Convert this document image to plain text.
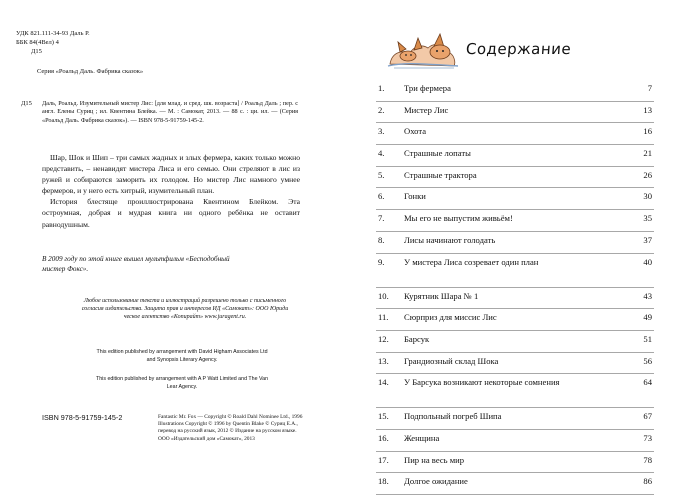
УДК 821.111-34-93 Даль Р.
ББК 84(4Вел) 4
Д15
Серия «Роальд Даль. Фабрика сказок»
Д15 Даль, Роальд. Изумительный мистер Лис: [для млад. и сред. шк. возраста] / Роальд Даль ; пер. с англ. Елены Суриц ; ил. Квентина Блейка. — М. : Самокат, 2013. — 88 с. : ци. ил. — (Серия «Роальд Даль. Фабрика сказок»). — ISBN 978-5-91759-145-2.

Шар, Шок и Шип – три самых жадных и злых фермера, каких только можно представить, – ненавидят мистера Лиса и его семью. Они стреляют в лис из ружей и собираются заморить их голодом. Но мистер Лис намного умнее фермеров, и у него есть хитрый, изумительный план.

История блестяще проиллюстрирована Квентином Блейком. Эта остроумная, добрая и мудрая книга ни одного ребёнка не оставит равнодушным.

В 2009 году по этой книге вышел мультфильм «Бесподобный мистер Фокс».
Любое использование текста и иллюстраций разрешено только с письменного согласия издательства. Защита прав и интересов ИД «Самокат»: ООО Юриди ческое агентство «Копирайт» www.juragent.ru.
This edition published by arrangement with David Higham Associates Ltd and Synopsis Literary Agency.
This edition published by arrangement with A P Watt Limited and The Van Lear Agency.
ISBN 978-5-91759-145-2	Fantastic Mr. Fox — Copyright © Roald Dahl Nominee Ltd., 1996 Illustrations Copyright © 1996 by Quentin Blake © Суриц Е.А., перевод на русский язык, 2012 © Издание на русском языке. ООО «Издательский дом «Самокат», 2013
Содержание
1. Три фермера	7
2. Мистер Лис	13
3. Охота	16
4. Страшные лопаты	21
5. Страшные трактора	26
6. Гонки	30
7. Мы его не выпустим живьём!	35
8. Лисы начинают голодать	37
9. У мистера Лиса созревает один план	40
10. Курятник Шара № 1	43
11. Сюрприз для миссис Лис	49
12. Барсук	51
13. Грандиозный склад Шока	56
14. У Барсука возникают некоторые сомнения	64
15. Подпольный погреб Шипа	67
16. Женщина	73
17. Пир на весь мир	78
18. Долгое ожидание	86
